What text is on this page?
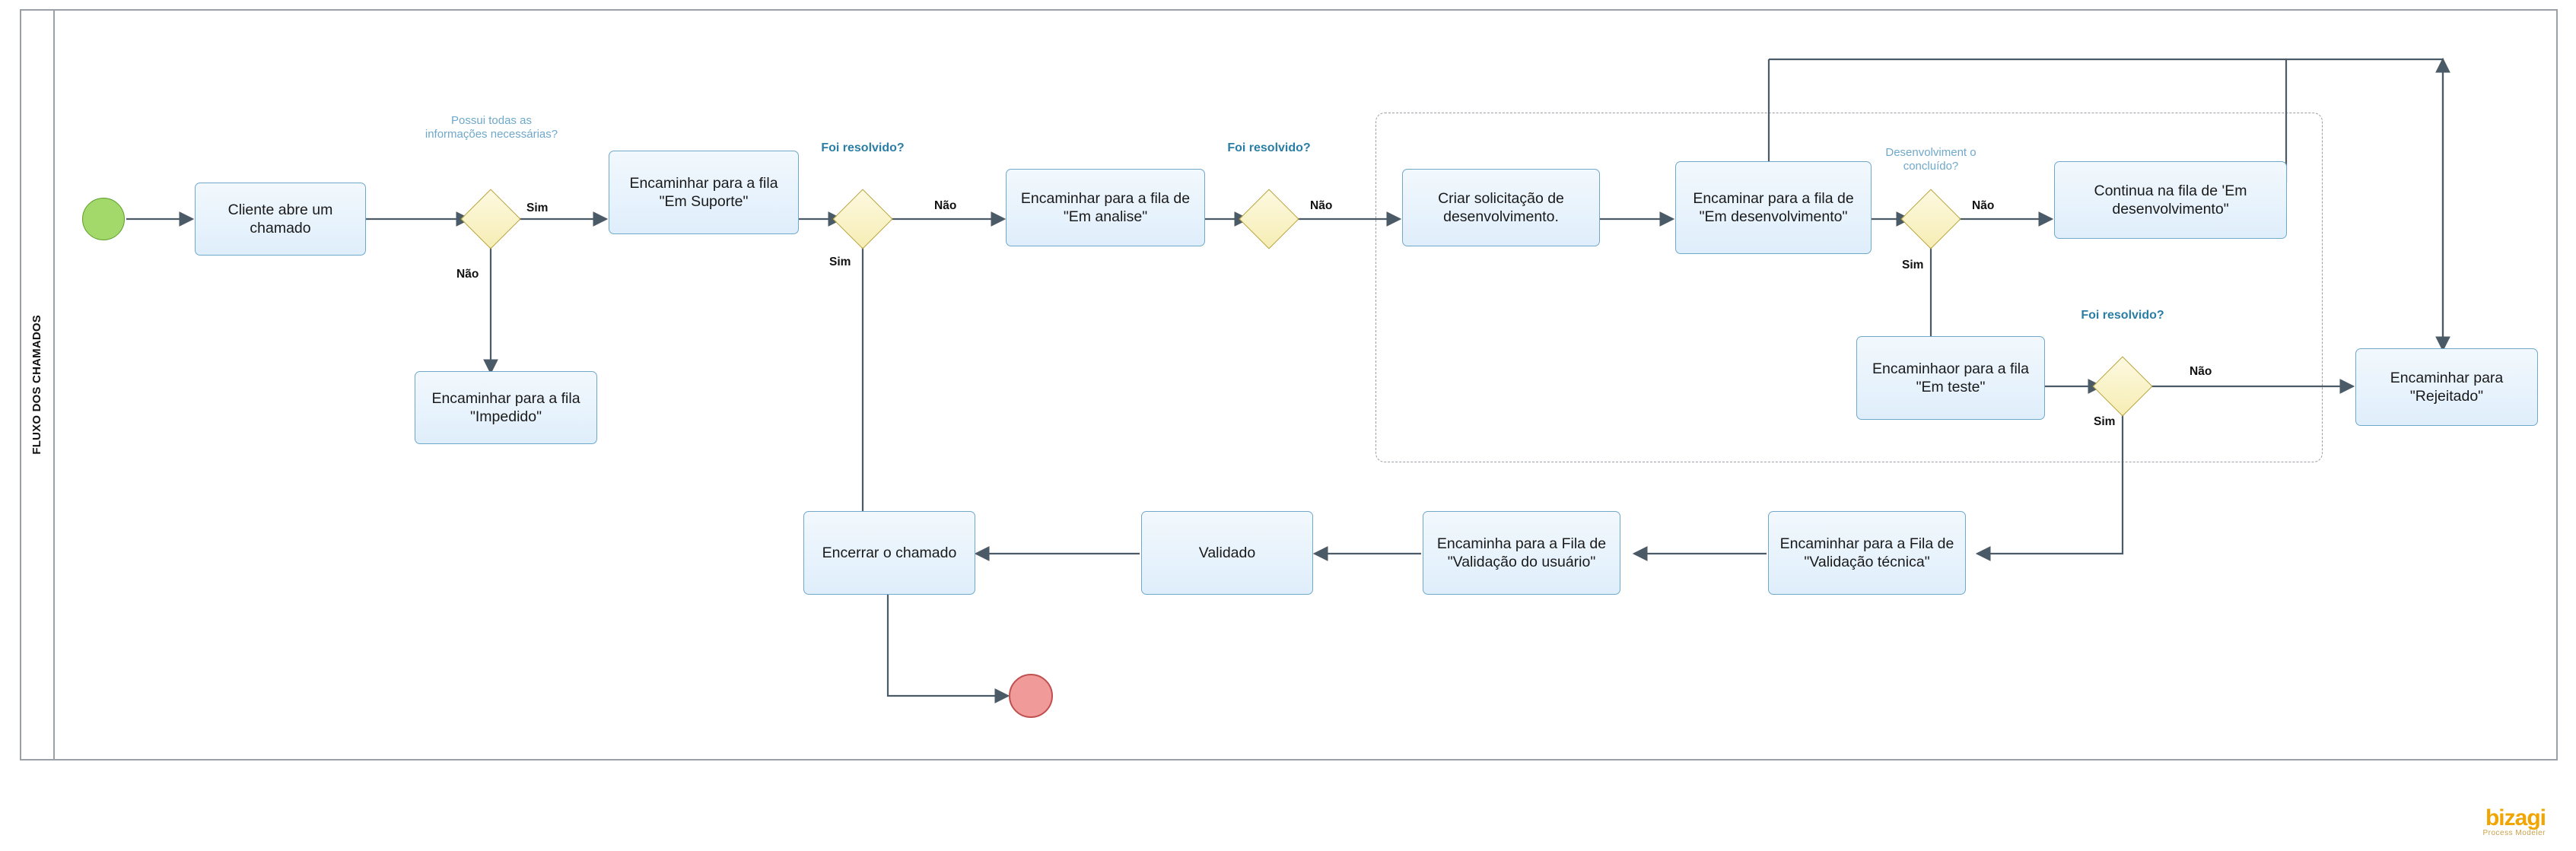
FLUXO DOS CHAMADOS
Cliente abre um chamado
Encaminhar para a fila "Impedido"
Encaminhar para a fila "Em Suporte"	Encaminhar para a fila de "Em analise"
Criar solicitação de desenvolvimento.
Encaminar para a fila de "Em desenvolvimento"
Continua na fila de 'Em desenvolvimento"
Encaminhaor para a fila "Em teste"
Encaminhar para "Rejeitado"
Encaminhar para a Fila de "Validação técnica"
Encaminha para a Fila de "Validação do usuário"
Validado
Encerrar o chamado
Possui todas as informações necessárias?
Foi resolvido?	Foi resolvido?	Desenvolviment o concluído?
Foi resolvido?
Sim
Não
Não
Sim
Não	Não
Sim
Não
Sim
bizagi
Process Modeler
